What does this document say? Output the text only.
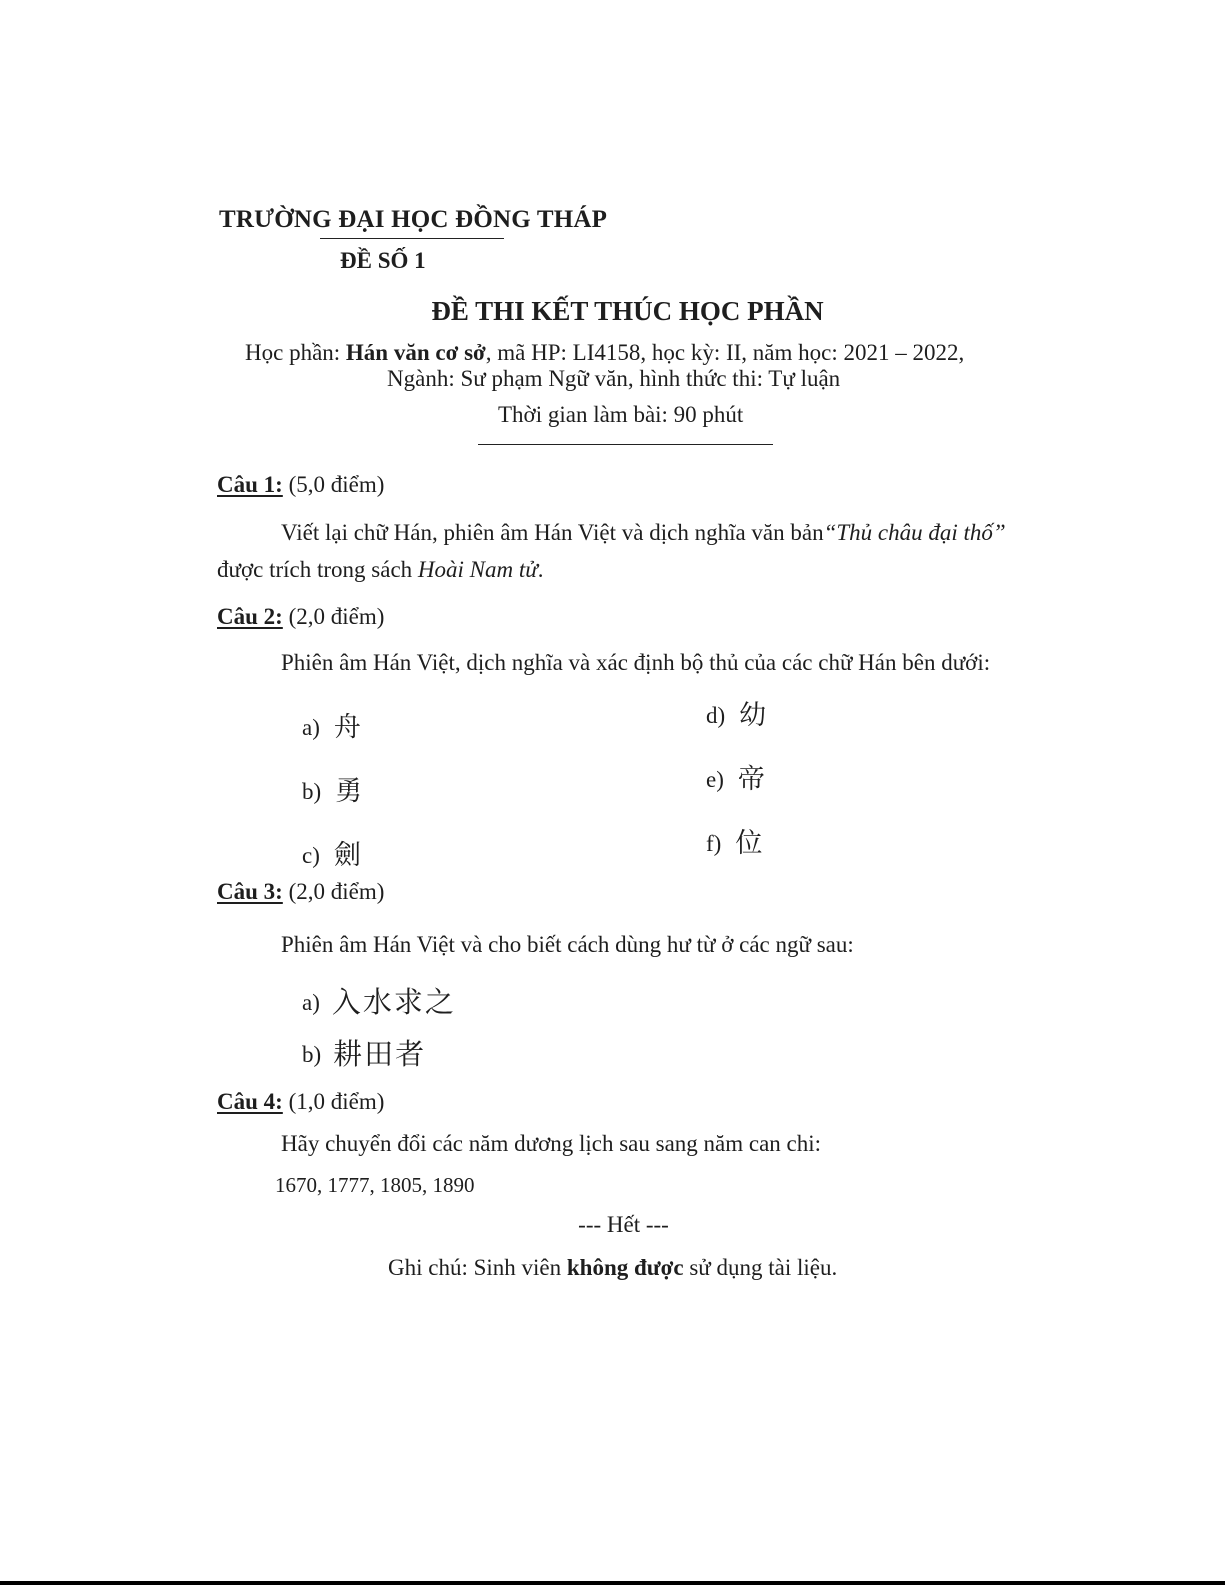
TRƯỜNG ĐẠI HỌC ĐỒNG THÁP
ĐỀ SỐ 1
ĐỀ THI KẾT THÚC HỌC PHẦN
Học phần: Hán văn cơ sở, mã HP: LI4158, học kỳ: II, năm học: 2021 – 2022,
Ngành: Sư phạm Ngữ văn, hình thức thi: Tự luận
Thời gian làm bài: 90 phút
Câu 1: (5,0 điểm)
Viết lại chữ Hán, phiên âm Hán Việt và dịch nghĩa văn bản“Thủ châu đại thố”
được trích trong sách Hoài Nam tử.
Câu 2: (2,0 điểm)
Phiên âm Hán Việt, dịch nghĩa và xác định bộ thủ của các chữ Hán bên dưới:
a) 舟
b) 勇
c) 劍
d) 幼
e) 帝
f) 位
Câu 3: (2,0 điểm)
Phiên âm Hán Việt và cho biết cách dùng hư từ ở các ngữ sau:
a) 入水求之
b) 耕田者
Câu 4: (1,0 điểm)
Hãy chuyển đổi các năm dương lịch sau sang năm can chi:
1670, 1777, 1805, 1890
--- Hết ---
Ghi chú: Sinh viên không được sử dụng tài liệu.
